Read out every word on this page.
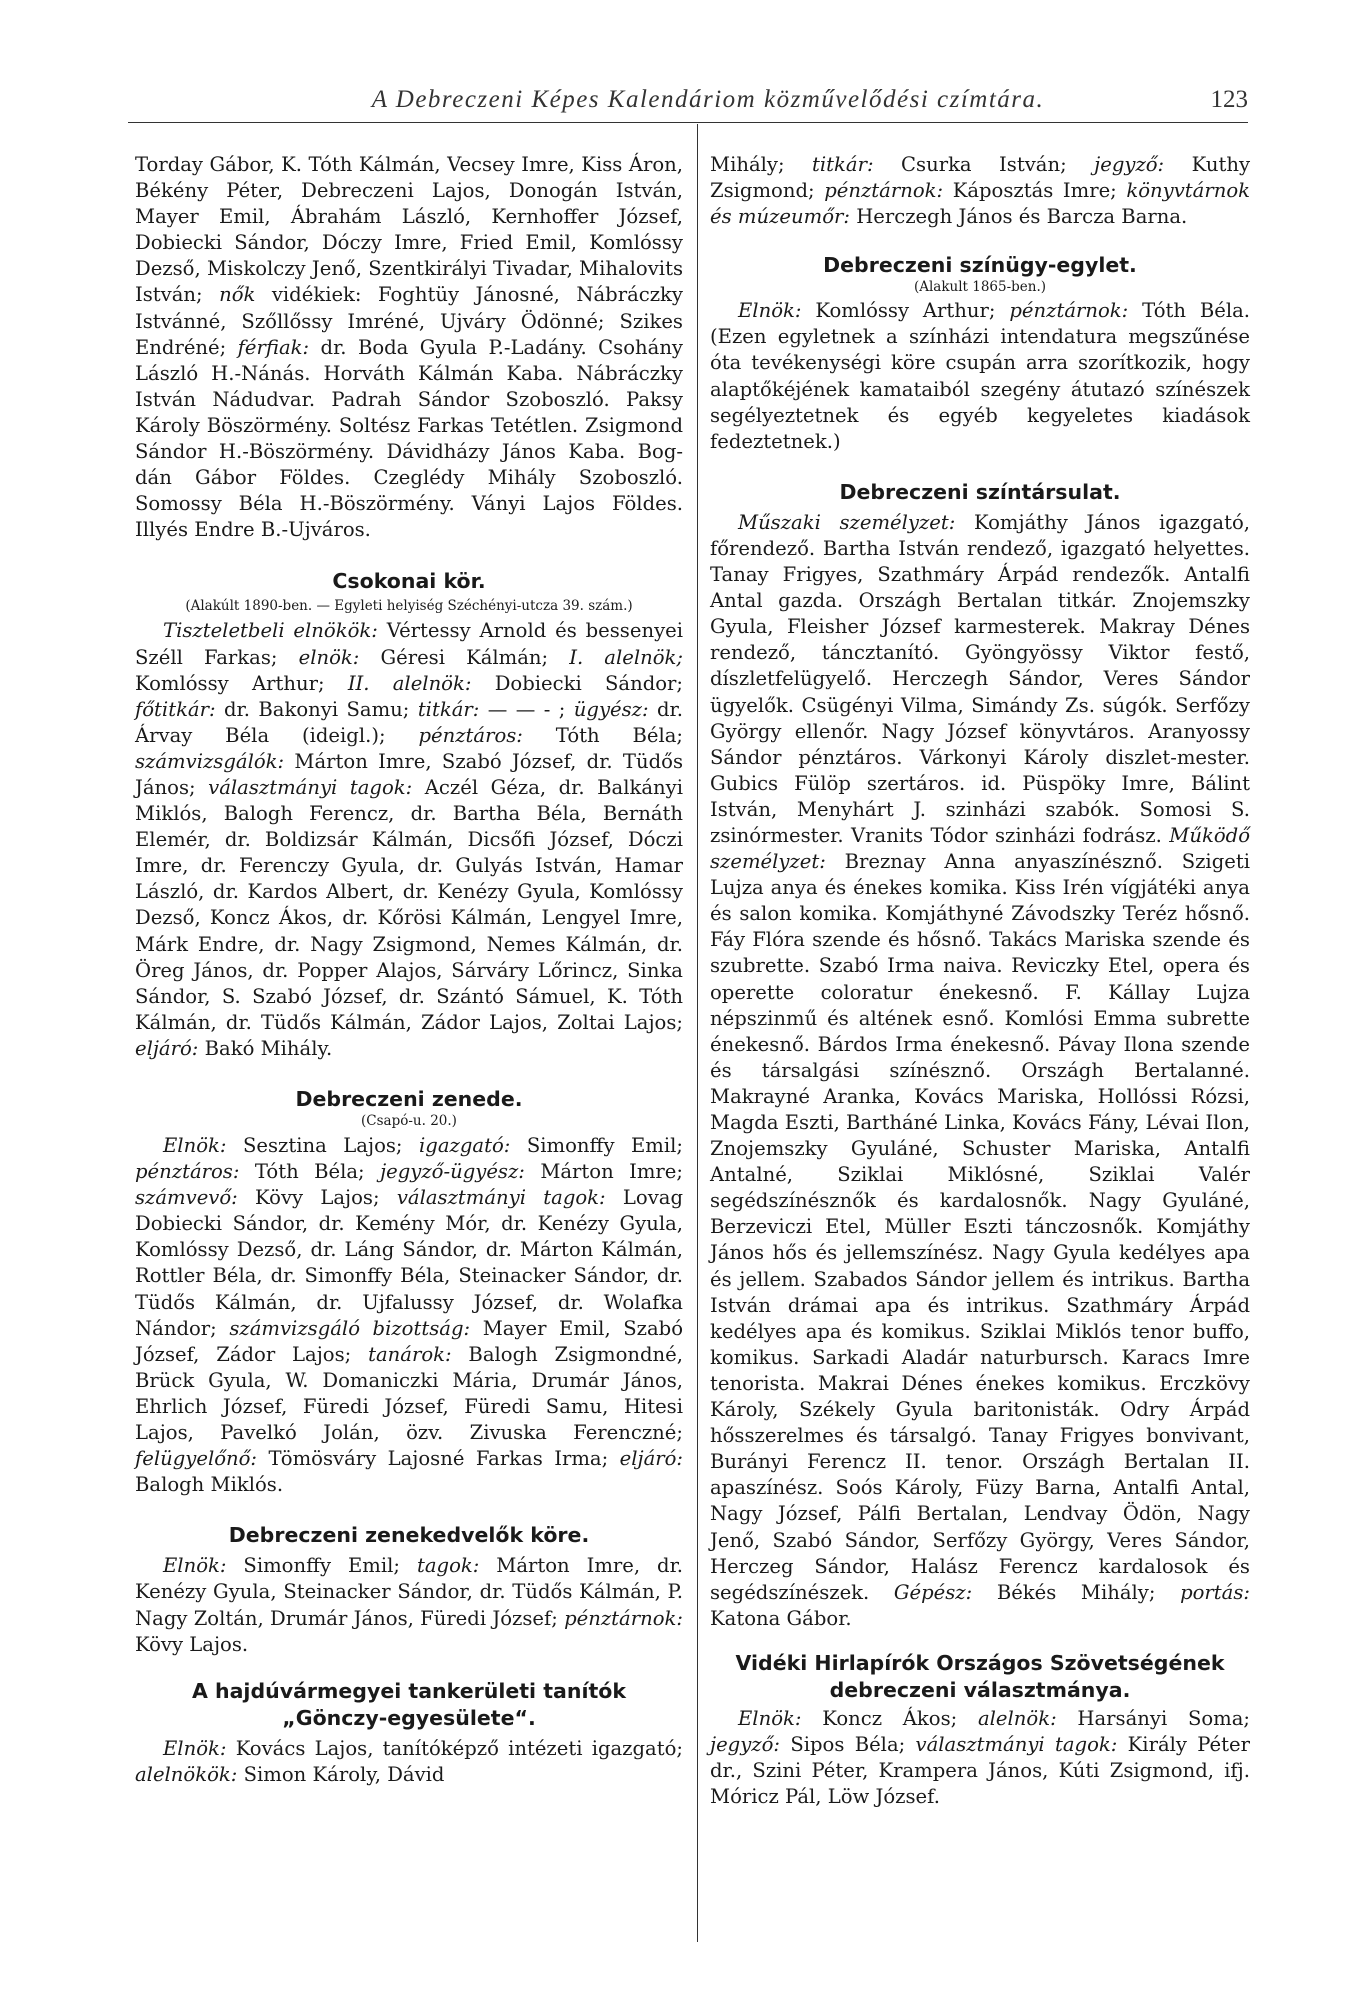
A Debreczeni Képes Kalendáriom közművelődési czímtára.	123

Torday Gábor, K. Tóth Kálmán, Vecsey Imre, Kiss Áron, Békény Péter, Debreczeni Lajos, Donogán István, Mayer Emil, Ábrahám László, Kernhoffer József, Dobiecki Sándor, Dóczy Imre, Fried Emil, Komlóssy Dezső, Miskolczy Jenő, Szentkirályi Tivadar, Mihalovits István; nők vidékiek: Foghtüy Jánosné, Nábráczky Istvánné, Szőllőssy Imréné, Ujváry Ödönné; Szikes Endréné; férfiak: dr. Boda Gyula P.-Ladány. Csohány László H.-Nánás. Horváth Kálmán Kaba. Nábráczky István Nádudvar. Padrah Sándor Szoboszló. Paksy Károly Böszörmény. Soltész Farkas Tetétlen. Zsigmond Sándor H.-Böszörmény. Dávidházy János Kaba. Bog-dán Gábor Földes. Czeglédy Mihály Szoboszló. Somossy Béla H.-Böszörmény. Ványi Lajos Földes. Illyés Endre B.-Ujváros.

Csokonai kör.
(Alakúlt 1890-ben. — Egyleti helyiség Széchényi-utcza 39. szám.)

Tiszteletbeli elnökök: Vértessy Arnold és bessenyei Széll Farkas; elnök: Géresi Kálmán; I. alelnök; Komlóssy Arthur; II. alelnök: Dobiecki Sándor; főtitkár: dr. Bakonyi Samu; titkár: — — - ; ügyész: dr. Árvay Béla (ideigl.); pénztáros: Tóth Béla; számvizsgálók: Márton Imre, Szabó József, dr. Tüdős János; választmányi tagok: Aczél Géza, dr. Balkányi Miklós, Balogh Ferencz, dr. Bartha Béla, Bernáth Elemér, dr. Boldizsár Kálmán, Dicsőfi József, Dóczi Imre, dr. Ferenczy Gyula, dr. Gulyás István, Hamar László, dr. Kardos Albert, dr. Kenézy Gyula, Komlóssy Dezső, Koncz Ákos, dr. Kőrösi Kálmán, Lengyel Imre, Márk Endre, dr. Nagy Zsigmond, Nemes Kálmán, dr. Öreg János, dr. Popper Alajos, Sárváry Lőrincz, Sinka Sándor, S. Szabó József, dr. Szántó Sámuel, K. Tóth Kálmán, dr. Tüdős Kálmán, Zádor Lajos, Zoltai Lajos; eljáró: Bakó Mihály.

Debreczeni zenede.
(Csapó-u. 20.)

Elnök: Sesztina Lajos; igazgató: Simonffy Emil; pénztáros: Tóth Béla; jegyző-ügyész: Márton Imre; számvevő: Kövy Lajos; választmányi tagok: Lovag Dobiecki Sándor, dr. Kemény Mór, dr. Kenézy Gyula, Komlóssy Dezső, dr. Láng Sándor, dr. Márton Kálmán, Rottler Béla, dr. Simonffy Béla, Steinacker Sándor, dr. Tüdős Kálmán, dr. Ujfalussy József, dr. Wolafka Nándor; számvizsgáló bizottság: Mayer Emil, Szabó József, Zádor Lajos; tanárok: Balogh Zsigmondné, Brück Gyula, W. Domaniczki Mária, Drumár János, Ehrlich József, Füredi József, Füredi Samu, Hitesi Lajos, Pavelkó Jolán, özv. Zivuska Ferenczné; felügyelőnő: Tömösváry Lajosné Farkas Irma; eljáró: Balogh Miklós.

Debreczeni zenekedvelők köre.

Elnök: Simonffy Emil; tagok: Márton Imre, dr. Kenézy Gyula, Steinacker Sándor, dr. Tüdős Kálmán, P. Nagy Zoltán, Drumár János, Füredi József; pénztárnok: Kövy Lajos.

A hajdúvármegyei tankerületi tanítók
„Gönczy-egyesülete“.

Elnök: Kovács Lajos, tanítóképző intézeti igazgató; alelnökök: Simon Károly, Dávid

Mihály; titkár: Csurka István; jegyző: Kuthy Zsigmond; pénztárnok: Káposztás Imre; könyvtárnok és múzeumőr: Herczegh János és Barcza Barna.

Debreczeni színügy-egylet.
(Alakult 1865-ben.)

Elnök: Komlóssy Arthur; pénztárnok: Tóth Béla. (Ezen egyletnek a színházi intendatura megszűnése óta tevékenységi köre csupán arra szorítkozik, hogy alaptőkéjének kamataiból szegény átutazó színészek segélyeztetnek és egyéb kegyeletes kiadások fedeztetnek.)

Debreczeni színtársulat.

Műszaki személyzet: Komjáthy János igazgató, főrendező. Bartha István rendező, igazgató helyettes. Tanay Frigyes, Szathmáry Árpád rendezők. Antalfi Antal gazda. Országh Bertalan titkár. Znojemszky Gyula, Fleisher József karmesterek. Makray Dénes rendező, táncztanító. Gyöngyössy Viktor festő, díszletfelügyelő. Herczegh Sándor, Veres Sándor ügyelők. Csügényi Vilma, Simándy Zs. súgók. Serfőzy György ellenőr. Nagy József könyvtáros. Aranyossy Sándor pénztáros. Várkonyi Károly diszlet-mester. Gubics Fülöp szertáros. id. Püspöky Imre, Bálint István, Menyhárt J. szinházi szabók. Somosi S. zsinórmester. Vranits Tódor szinházi fodrász. Működő személyzet: Breznay Anna anyaszínésznő. Szigeti Lujza anya és énekes komika. Kiss Irén vígjátéki anya és salon komika. Komjáthyné Závodszky Teréz hősnő. Fáy Flóra szende és hősnő. Takács Mariska szende és szubrette. Szabó Irma naiva. Reviczky Etel, opera és operette coloratur énekesnő. F. Kállay Lujza népszinmű és altének esnő. Komlósi Emma subrette énekesnő. Bárdos Irma énekesnő. Pávay Ilona szende és társalgási színésznő. Országh Bertalanné. Makrayné Aranka, Kovács Mariska, Hollóssi Rózsi, Magda Eszti, Bartháné Linka, Kovács Fány, Lévai Ilon, Znojemszky Gyuláné, Schuster Mariska, Antalfi Antalné, Sziklai Miklósné, Sziklai Valér segédszínésznők és kardalosnők. Nagy Gyuláné, Berzeviczi Etel, Müller Eszti tánczosnők. Komjáthy János hős és jellemszínész. Nagy Gyula kedélyes apa és jellem. Szabados Sándor jellem és intrikus. Bartha István drámai apa és intrikus. Szathmáry Árpád kedélyes apa és komikus. Sziklai Miklós tenor buffo, komikus. Sarkadi Aladár naturbursch. Karacs Imre tenorista. Makrai Dénes énekes komikus. Erczkövy Károly, Székely Gyula baritonisták. Odry Árpád hősszerelmes és társalgó. Tanay Frigyes bonvivant, Burányi Ferencz II. tenor. Országh Bertalan II. apaszínész. Soós Károly, Füzy Barna, Antalfi Antal, Nagy József, Pálfi Bertalan, Lendvay Ödön, Nagy Jenő, Szabó Sándor, Serfőzy György, Veres Sándor, Herczeg Sándor, Halász Ferencz kardalosok és segédszínészek. Gépész: Békés Mihály; portás: Katona Gábor.

Vidéki Hirlapírók Országos Szövetségének
debreczeni választmánya.

Elnök: Koncz Ákos; alelnök: Harsányi Soma; jegyző: Sipos Béla; választmányi tagok: Király Péter dr., Szini Péter, Krampera János, Kúti Zsigmond, ifj. Móricz Pál, Löw József.
